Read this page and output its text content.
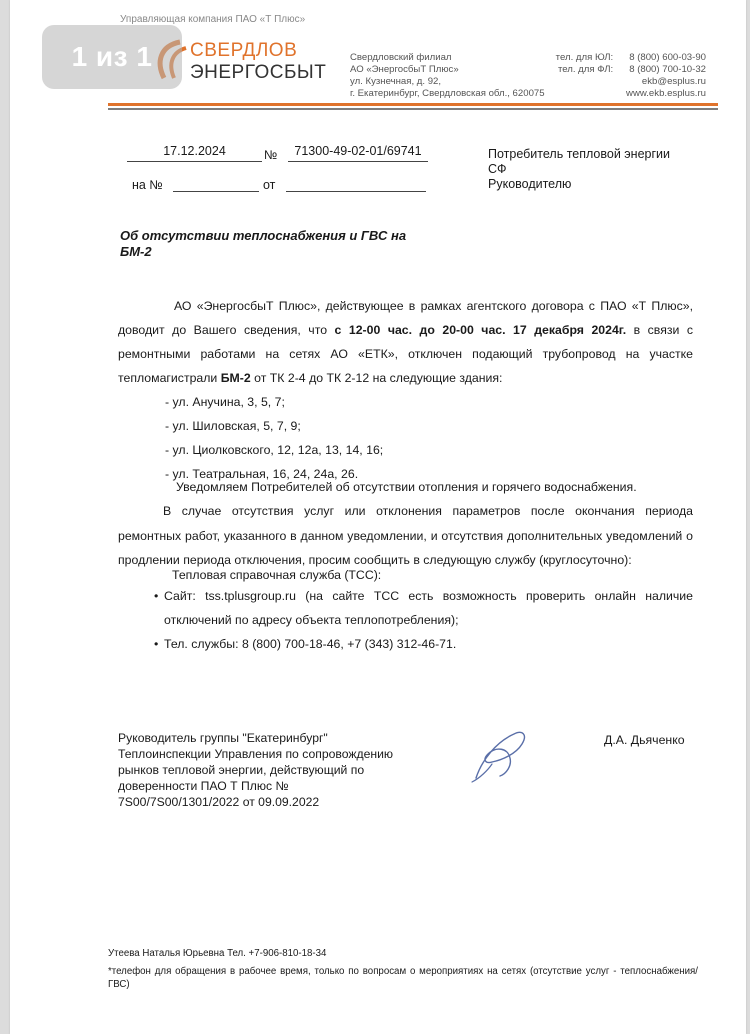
Управляющая компания ПАО «Т Плюс»
СВЕРДЛОВ
ЭНЕРГОСБЫТ
Свердловский филиал
АО «ЭнергосбыТ Плюс»
ул. Кузнечная, д. 92,
г. Екатеринбург, Свердловская обл., 620075
тел. для ЮЛ: 8 (800) 600-03-90
тел. для ФЛ: 8 (800) 700-10-32
ekb@esplus.ru
www.ekb.esplus.ru
17.12.2024	№	71300-49-02-01/69741
на №	от
Потребитель тепловой энергии
СФ
Руководителю
Об отсутствии теплоснабжения и ГВС на
БМ-2
АО «ЭнергосбыТ Плюс», действующее в рамках агентского договора с ПАО «Т Плюс», доводит до Вашего сведения, что с 12-00 час. до 20-00 час. 17 декабря 2024г. в связи с ремонтными работами на сетях АО «ЕТК», отключен подающий трубопровод на участке тепломагистрали БМ-2 от ТК 2-4 до ТК 2-12 на следующие здания:
- ул. Анучина, 3, 5, 7;
- ул. Шиловская, 5, 7, 9;
- ул. Циолковского, 12, 12а, 13, 14, 16;
- ул. Театральная, 16, 24, 24а, 26.
Уведомляем Потребителей об отсутствии отопления и горячего водоснабжения.
В случае отсутствия услуг или отклонения параметров после окончания периода ремонтных работ, указанного в данном уведомлении, и отсутствия дополнительных уведомлений о продлении периода отключения, просим сообщить в следующую службу (круглосуточно):
Тепловая справочная служба (ТСС):
• Сайт: tss.tplusgroup.ru (на сайте ТСС есть возможность проверить онлайн наличие отключений по адресу объекта теплопотребления);
• Тел. службы: 8 (800) 700-18-46, +7 (343) 312-46-71.
Руководитель группы "Екатеринбург"
Теплоинспекции Управления по сопровождению
рынков тепловой энергии, действующий по
доверенности ПАО Т Плюс №
7S00/7S00/1301/2022 от 09.09.2022
Д.А. Дьяченко
Утеева Наталья Юрьевна Тел. +7-906-810-18-34
*телефон для обращения в рабочее время, только по вопросам о мероприятиях на сетях (отсутствие услуг - теплоснабжения/ГВС)
1 из 1
